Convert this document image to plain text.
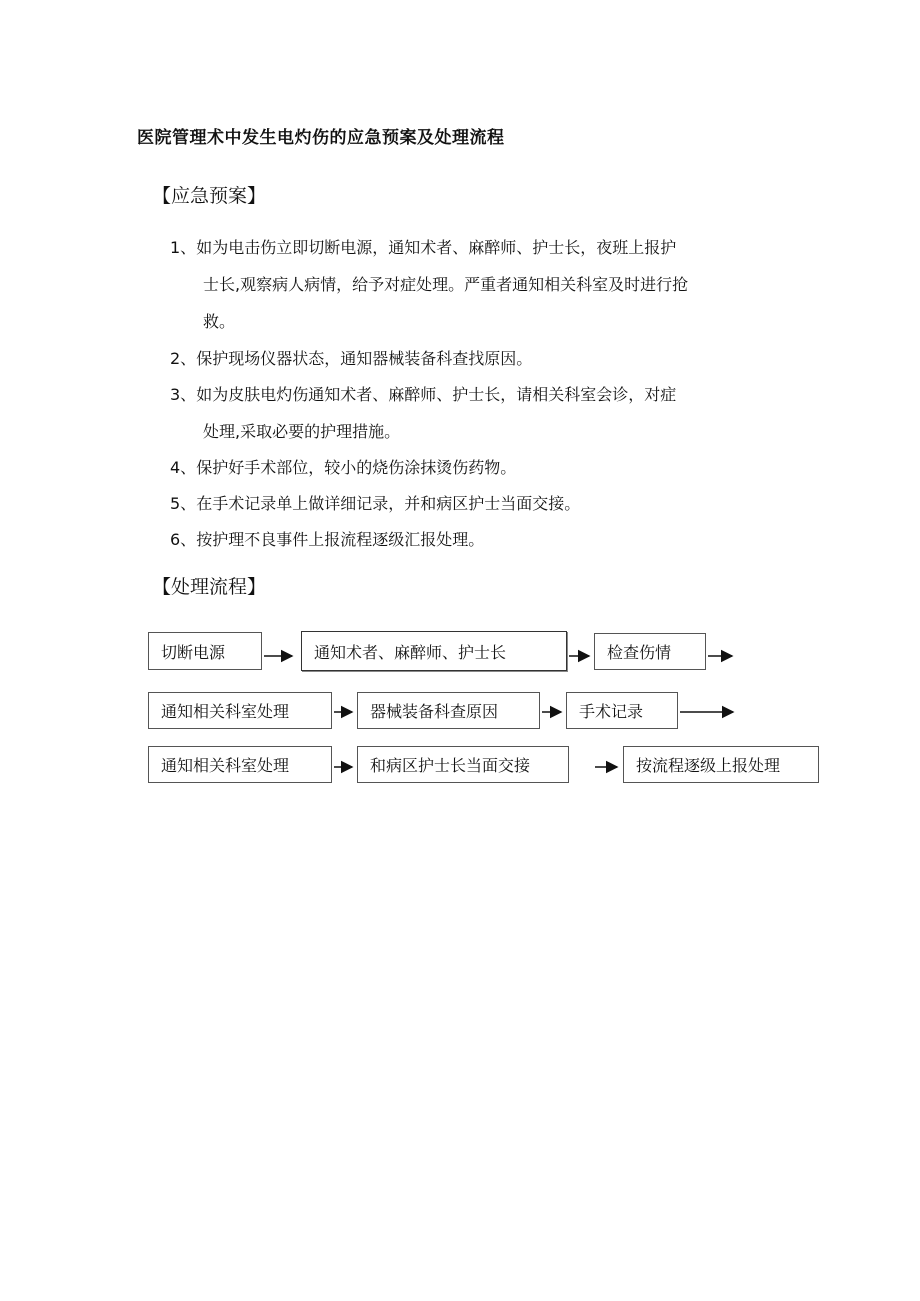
医院管理术中发生电灼伤的应急预案及处理流程
【应急预案】
1、如为电击伤立即切断电源，通知术者、麻醉师、护士长，夜班上报护
士长,观察病人病情，给予对症处理。严重者通知相关科室及时进行抢
救。
2、保护现场仪器状态，通知器械装备科查找原因。
3、如为皮肤电灼伤通知术者、麻醉师、护士长，请相关科室会诊，对症
处理,采取必要的护理措施。
4、保护好手术部位，较小的烧伤涂抹烫伤药物。
5、在手术记录单上做详细记录，并和病区护士当面交接。
6、按护理不良事件上报流程逐级汇报处理。
【处理流程】
切断电源	通知术者、麻醉师、护士长	检查伤情
通知相关科室处理	器械装备科查原因	手术记录
通知相关科室处理	和病区护士长当面交接	按流程逐级上报处理
